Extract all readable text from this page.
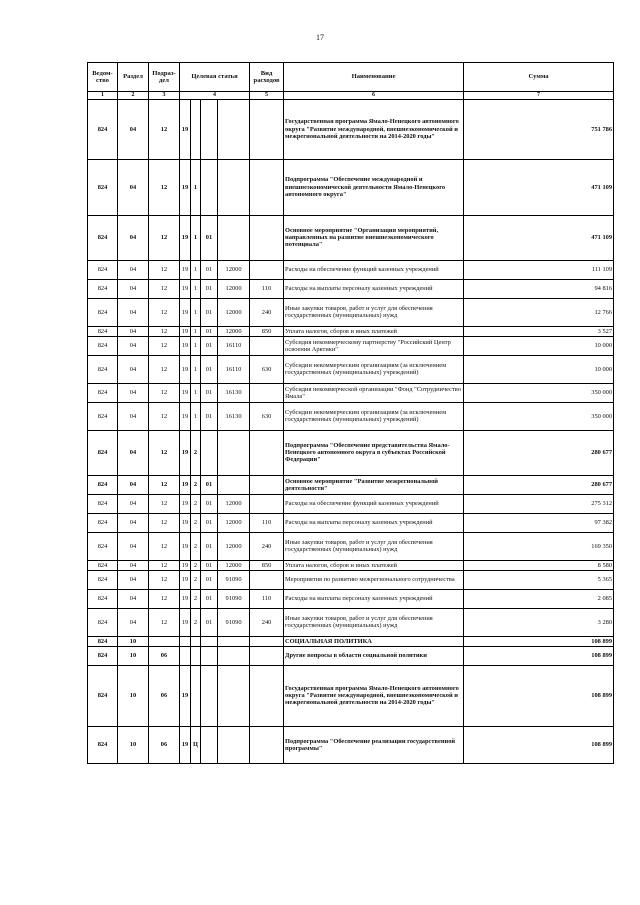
17
Ведом-ство	Раздел	Подраз-дел	Целевая статья				Вид расходов	Наименование	Сумма
1	2	3	4				5	6	7
824	04	12	19					Государственная программа Ямало-Ненецкого автономного округа "Развитие международной, внешнеэкономической и межрегиональной деятельности на 2014-2020 годы"	751 786
824	04	12	19	1				Подпрограмма "Обеспечение международной и внешнеэкономической деятельности Ямало-Ненецкого автономного округа"	471 109
824	04	12	19	1	01			Основное мероприятие "Организация мероприятий, направленных на развитие внешнеэкономического потенциала"	471 109
824	04	12	19	1	01	12000		Расходы на обеспечение функций казенных учреждений	111 109
824	04	12	19	1	01	12000	110	Расходы на выплаты персоналу казенных учреждений	94 816
824	04	12	19	1	01	12000	240	Иные закупки товаров, работ и услуг для обеспечения государственных (муниципальных) нужд	12 766
824	04	12	19	1	01	12000	850	Уплата налогов, сборов и иных платежей	3 527
824	04	12	19	1	01	16110		Субсидия некоммерческому партнерству "Российский Центр освоения Арктики"	10 000
824	04	12	19	1	01	16110	630	Субсидии некоммерческим организациям (за исключением государственных (муниципальных) учреждений)	10 000
824	04	12	19	1	01	16130		Субсидия некоммерческой организации "Фонд "Сотрудничество Ямала"	350 000
824	04	12	19	1	01	16130	630	Субсидии некоммерческим организациям (за исключением государственных (муниципальных) учреждений)	350 000
824	04	12	19	2				Подпрограмма "Обеспечение представительства Ямало-Ненецкого автономного округа в субъектах Российской Федерации"	280 677
824	04	12	19	2	01			Основное мероприятие "Развитие межрегиональной деятельности"	280 677
824	04	12	19	2	01	12000		Расходы на обеспечение функций казенных учреждений	275 312
824	04	12	19	2	01	12000	110	Расходы на выплаты персоналу казенных учреждений	97 382
824	04	12	19	2	01	12000	240	Иные закупки товаров, работ и услуг для обеспечения государственных (муниципальных) нужд	169 350
824	04	12	19	2	01	12000	850	Уплата налогов, сборов и иных платежей	8 580
824	04	12	19	2	01	91090		Мероприятия по развитию межрегионального сотрудничества	5 365
824	04	12	19	2	01	91090	110	Расходы на выплаты персоналу казенных учреждений	2 085
824	04	12	19	2	01	91090	240	Иные закупки товаров, работ и услуг для обеспечения государственных (муниципальных) нужд	3 280
824	10							СОЦИАЛЬНАЯ ПОЛИТИКА	108 899
824	10	06						Другие вопросы в области социальной политики	108 899
824	10	06	19					Государственная программа Ямало-Ненецкого автономного округа "Развитие международной, внешнеэкономической и межрегиональной деятельности на 2014-2020 годы"	108 899
824	10	06	19	Ц				Подпрограмма "Обеспечение реализации государственной программы"	108 899
